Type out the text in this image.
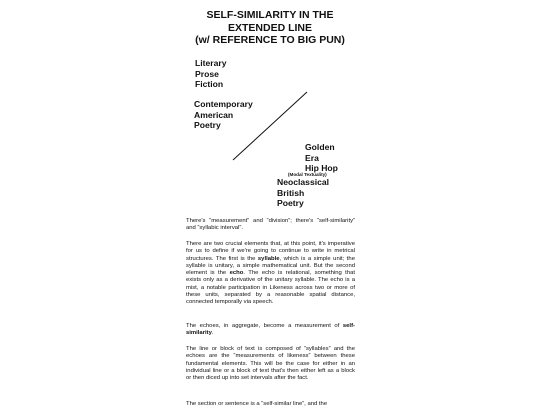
SELF-SIMILARITY IN THE
EXTENDED LINE
(w/ REFERENCE TO BIG PUN)
Literary
Prose
Fiction
Contemporary
American
Poetry
Golden
Era
Hip Hop
(Modal Textuality)
Neoclassical
British
Poetry

There's “measurement” and “division”; there's “self-similarity” and “syllabic interval”.

There are two crucial elements that, at this point, it's imperative for us to define if we're going to continue to write in metrical structures. The first is the syllable, which is a simple unit; the syllable is unitary, a simple mathematical unit. But the second element is the echo. The echo is relational, something that exists only as a derivative of the unitary syllable. The echo is a mist, a notable participation in Likeness across two or more of these units, separated by a reasonable spatial distance, connected temporally via speech.

The echoes, in aggregate, become a measurement of self-similarity.

The line or block of text is composed of “syllables” and the echoes are the “measurements of likeness” between these fundamental elements. This will be the case for either in an individual line or a block of text that's then either left as a block or then diced up into set intervals after the fact.

The section or sentence is a “self-similar line”, and the
